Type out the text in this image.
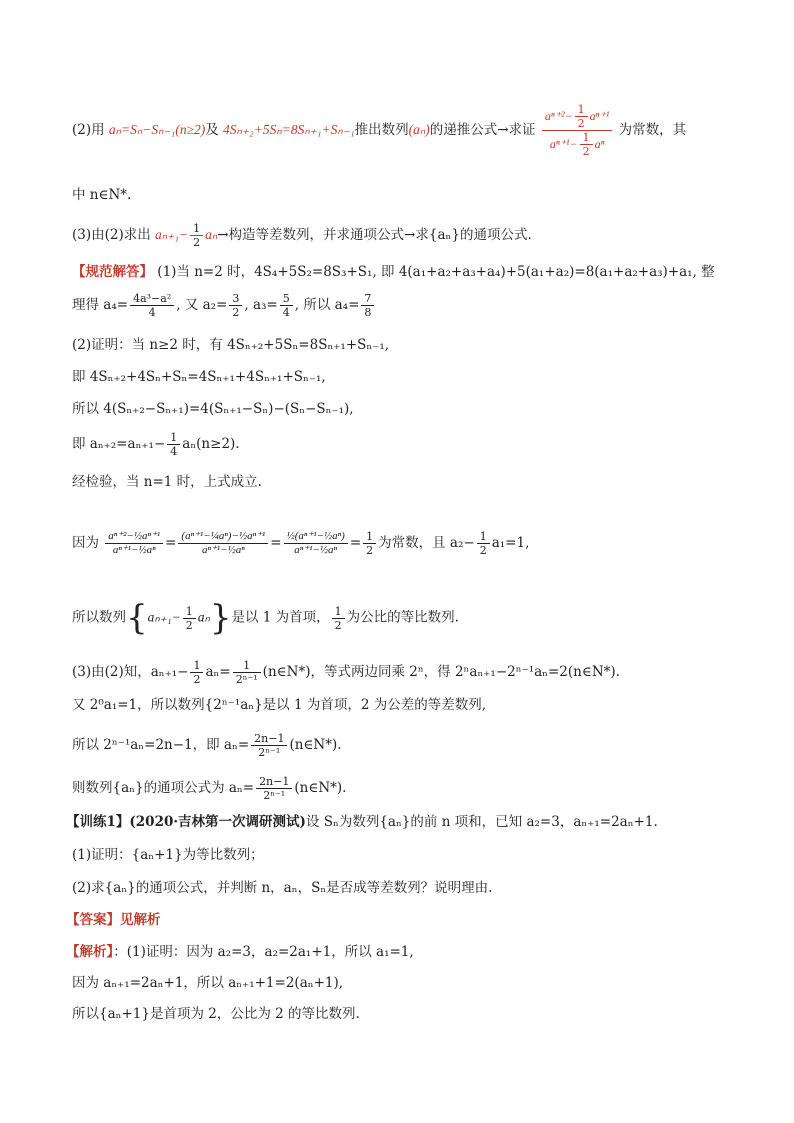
(2)用 aₙ=Sₙ−Sₙ₋₁(n≥2)及 4Sₙ₊₂+5Sₙ=8Sₙ₊₁+Sₙ₋₁推出数列(aₙ)的递推公式→求证 $\frac{a^{n+2}- \frac{1}{2} a^{n+1}}{a^{n+1}- \frac{1}{2} a^n}$ 为常数，其
中 n∈N*.
(3)由(2)求出 $a_{n+1}- \frac{1}{2} a_n\to$构造等差数列，并求通项公式→求{aₙ}的通项公式.
【规范解答】 (1)当 n=2 时，4S₄+5S₂=8S₃+S₁, 即 4(a₁+a₂+a₃+a₄)+5(a₁+a₂)=8(a₁+a₂+a₃)+a₁, 整
理得 $a_4= \frac{\text{4a³−a²}}{4}$ , 又 $a_2= \frac{3}{2}$ , $a_3= \frac{5}{4}$ , 所以 $a_4= \frac{7}{8}$
(2)证明：当 n≥2 时，有 4Sₙ₊₂+5Sₙ=8Sₙ₊₁+Sₙ₋₁,
即 4Sₙ₊₂+4Sₙ+Sₙ=4Sₙ₊₁+4Sₙ₊₁+Sₙ₋₁,
所以 4(Sₙ₊₂−Sₙ₊₁)=4(Sₙ₊₁−Sₙ)−(Sₙ−Sₙ₋₁),
即 $a_{n+2}=a_{n+1}- \frac{1}{4} a_n(n\ge 2)$.
经检验，当 n=1 时，上式成立.
因为 $\frac{\text{aⁿ⁺²−½aⁿ⁺¹}}{\text{aⁿ⁺¹−½aⁿ}} = \frac{\text{(aⁿ⁺¹−¼aⁿ)−½aⁿ⁺¹}}{\text{aⁿ⁺¹−½aⁿ}} = \frac{\text{½(aⁿ⁺¹−½aⁿ)}}{\text{aⁿ⁺¹−½aⁿ}} = \frac{1}{2}$ 为常数，且 $a_2- \frac{1}{2} a_1=1$,
所以数列$\{a_{n+1}- \frac{1}{2} a_n\}$是以 1 为首项， $\frac{1}{2}$ 为公比的等比数列.
(3)由(2)知，$a_{n+1}- \frac{1}{2} a_n= \frac{1}{\text{2ⁿ⁻¹}}$ (n∈N*)，等式两边同乘 2ⁿ，得 2ⁿaₙ₊₁−2ⁿ⁻¹aₙ=2(n∈N*).
又 2⁰a₁=1，所以数列{2ⁿ⁻¹aₙ}是以 1 为首项，2 为公差的等差数列,
所以 2ⁿ⁻¹aₙ=2n−1，即 $a_n= \frac{2n-1}{\text{2ⁿ⁻¹}}$ (n∈N*).
则数列{aₙ}的通项公式为 $a_n= \frac{2n-1}{\text{2ⁿ⁻¹}}$ (n∈N*).
【训练1】(2020·吉林第一次调研测试)设 Sₙ为数列{aₙ}的前 n 项和，已知 a₂=3，aₙ₊₁=2aₙ+1.
(1)证明：{aₙ+1}为等比数列；
(2)求{aₙ}的通项公式，并判断 n，aₙ，Sₙ是否成等差数列？说明理由.
【答案】见解析
【解析】：(1)证明：因为 a₂=3，a₂=2a₁+1，所以 a₁=1,
因为 aₙ₊₁=2aₙ+1，所以 aₙ₊₁+1=2(aₙ+1),
所以{aₙ+1}是首项为 2，公比为 2 的等比数列.
